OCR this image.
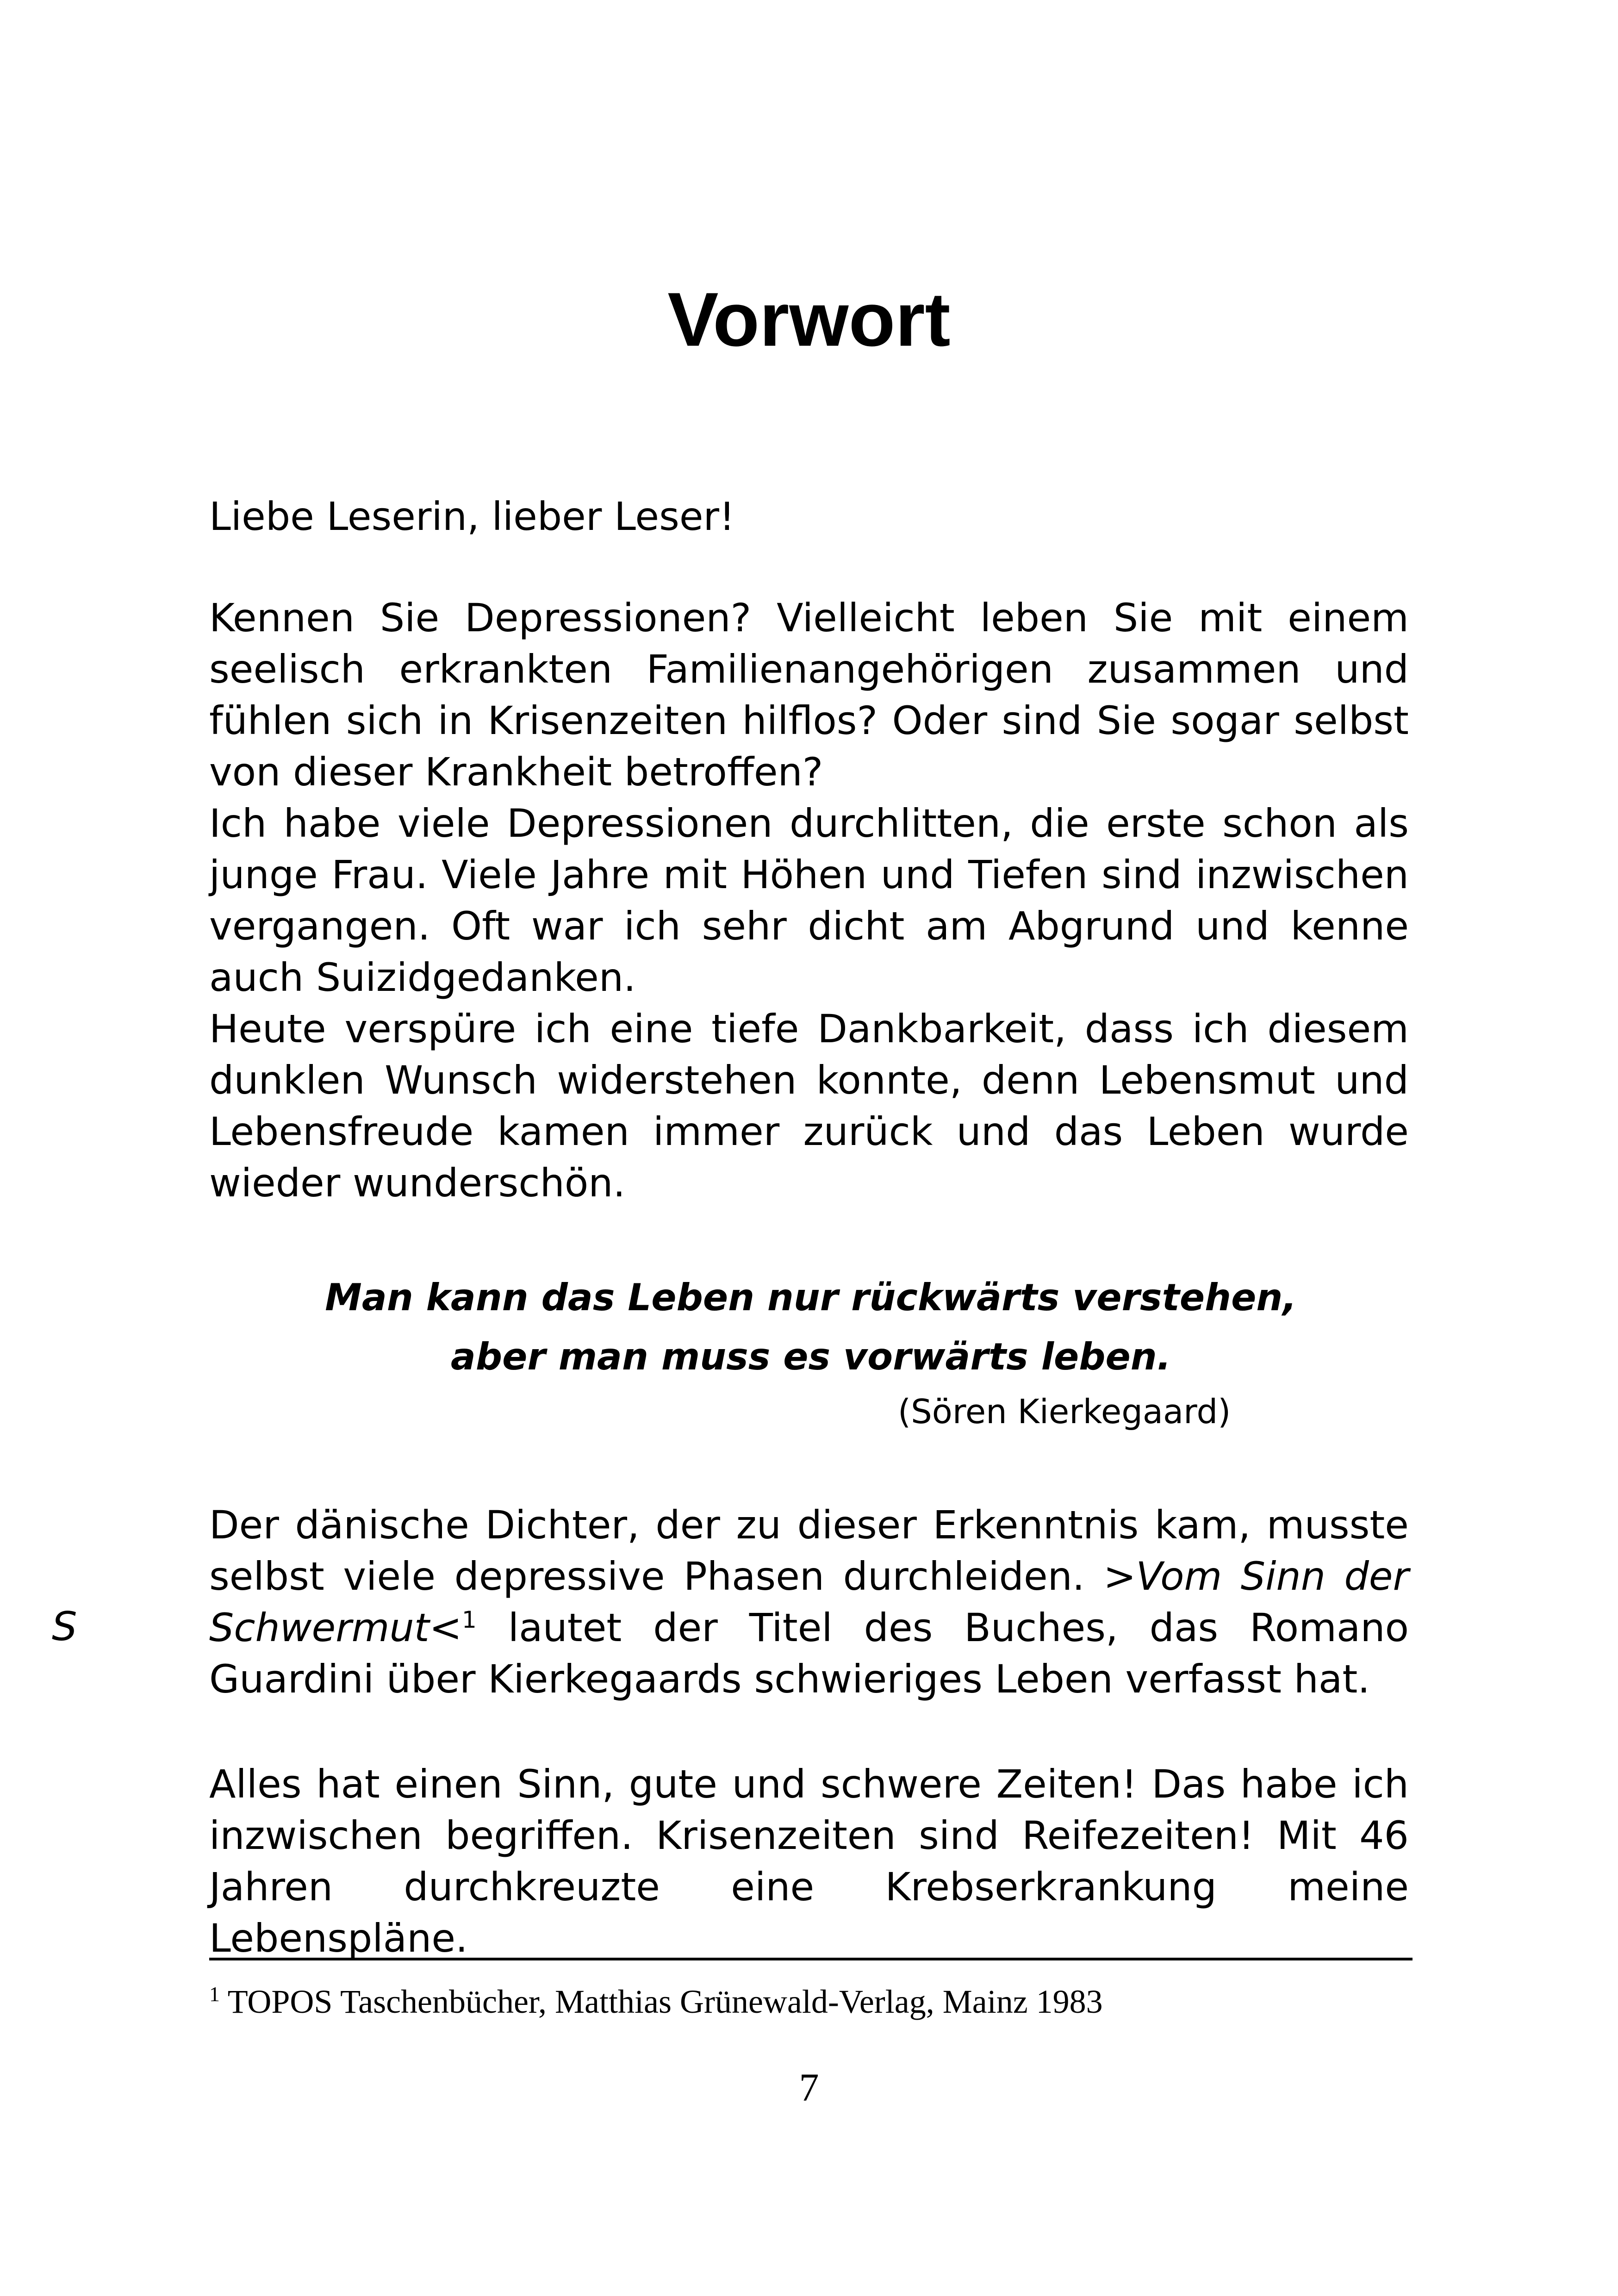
Vorwort
Liebe Leserin, lieber Leser!
Kennen Sie Depressionen? Vielleicht leben Sie mit einem seelisch erkrankten Familienangehörigen zusammen und fühlen sich in Krisenzeiten hilflos? Oder sind Sie sogar selbst von dieser Krankheit betroffen?
Ich habe viele Depressionen durchlitten, die erste schon als junge Frau. Viele Jahre mit Höhen und Tiefen sind inzwischen vergangen. Oft war ich sehr dicht am Abgrund und kenne auch Suizidgedanken.
Heute verspüre ich eine tiefe Dankbarkeit, dass ich diesem dunklen Wunsch widerstehen konnte, denn Lebensmut und Lebensfreude kamen immer zurück und das Leben wurde wieder wunderschön.
Man kann das Leben nur rückwärts verstehen,
aber man muss es vorwärts leben.
(Sören Kierkegaard)
Der dänische Dichter, der zu dieser Erkenntnis kam, musste selbst viele depressive Phasen durchleiden. >Vom Sinn der Schwermut<$^1$ lautet der Titel des Buches, das Romano Guardini über Kierkegaards schwieriges Leben verfasst hat.
S
Alles hat einen Sinn, gute und schwere Zeiten! Das habe ich inzwischen begriffen. Krisenzeiten sind Reifezeiten! Mit 46 Jahren durchkreuzte eine Krebserkrankung meine Lebenspläne.
$^1$ TOPOS Taschenbücher, Matthias Grünewald-Verlag, Mainz 1983
7
